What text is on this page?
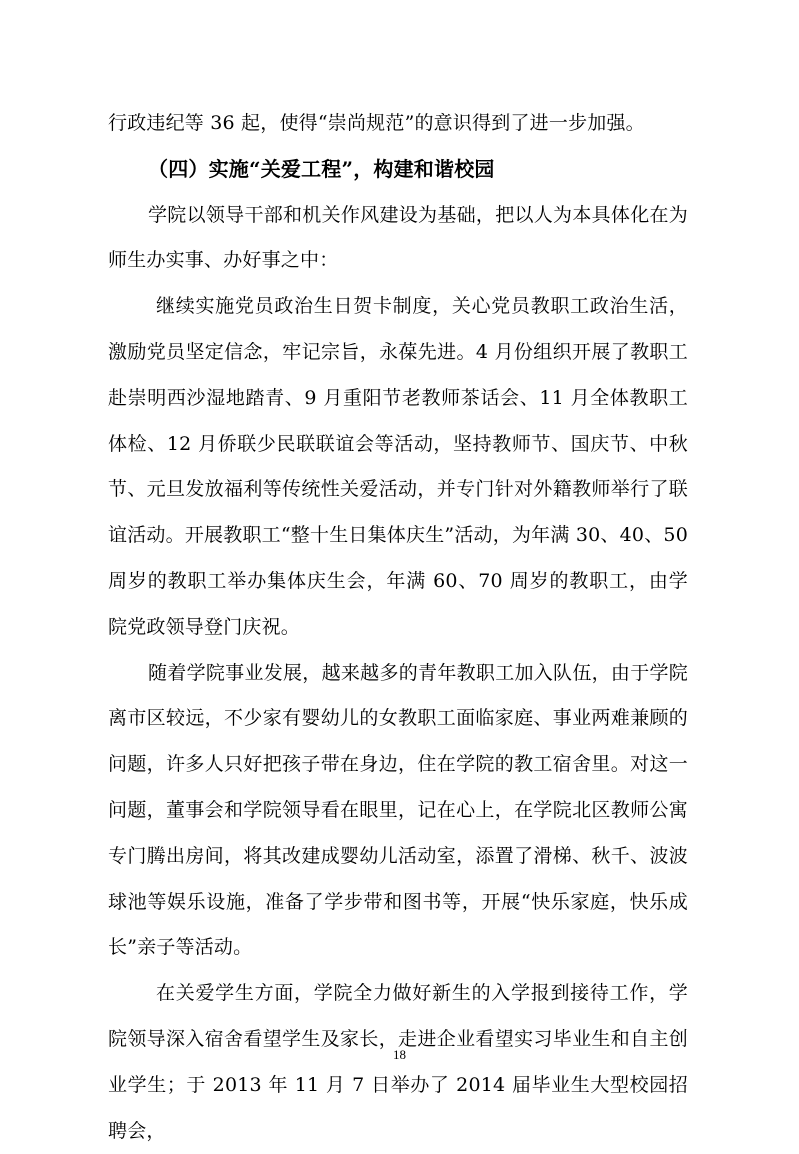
行政违纪等 36 起，使得“崇尚规范”的意识得到了进一步加强。

（四）实施“关爱工程”，构建和谐校园

学院以领导干部和机关作风建设为基础，把以人为本具体化在为师生办实事、办好事之中：

继续实施党员政治生日贺卡制度，关心党员教职工政治生活，激励党员坚定信念，牢记宗旨，永葆先进。4 月份组织开展了教职工赴崇明西沙湿地踏青、9 月重阳节老教师茶话会、11 月全体教职工体检、12 月侨联少民联联谊会等活动，坚持教师节、国庆节、中秋节、元旦发放福利等传统性关爱活动，并专门针对外籍教师举行了联谊活动。开展教职工“整十生日集体庆生”活动，为年满 30、40、50 周岁的教职工举办集体庆生会，年满 60、70 周岁的教职工，由学院党政领导登门庆祝。

随着学院事业发展，越来越多的青年教职工加入队伍，由于学院离市区较远，不少家有婴幼儿的女教职工面临家庭、事业两难兼顾的问题，许多人只好把孩子带在身边，住在学院的教工宿舍里。对这一问题，董事会和学院领导看在眼里，记在心上，在学院北区教师公寓专门腾出房间，将其改建成婴幼儿活动室，添置了滑梯、秋千、波波球池等娱乐设施，准备了学步带和图书等，开展“快乐家庭，快乐成长”亲子等活动。

在关爱学生方面，学院全力做好新生的入学报到接待工作，学院领导深入宿舍看望学生及家长，走进企业看望实习毕业生和自主创业学生；于 2013 年 11 月 7 日举办了 2014 届毕业生大型校园招聘会，

18
